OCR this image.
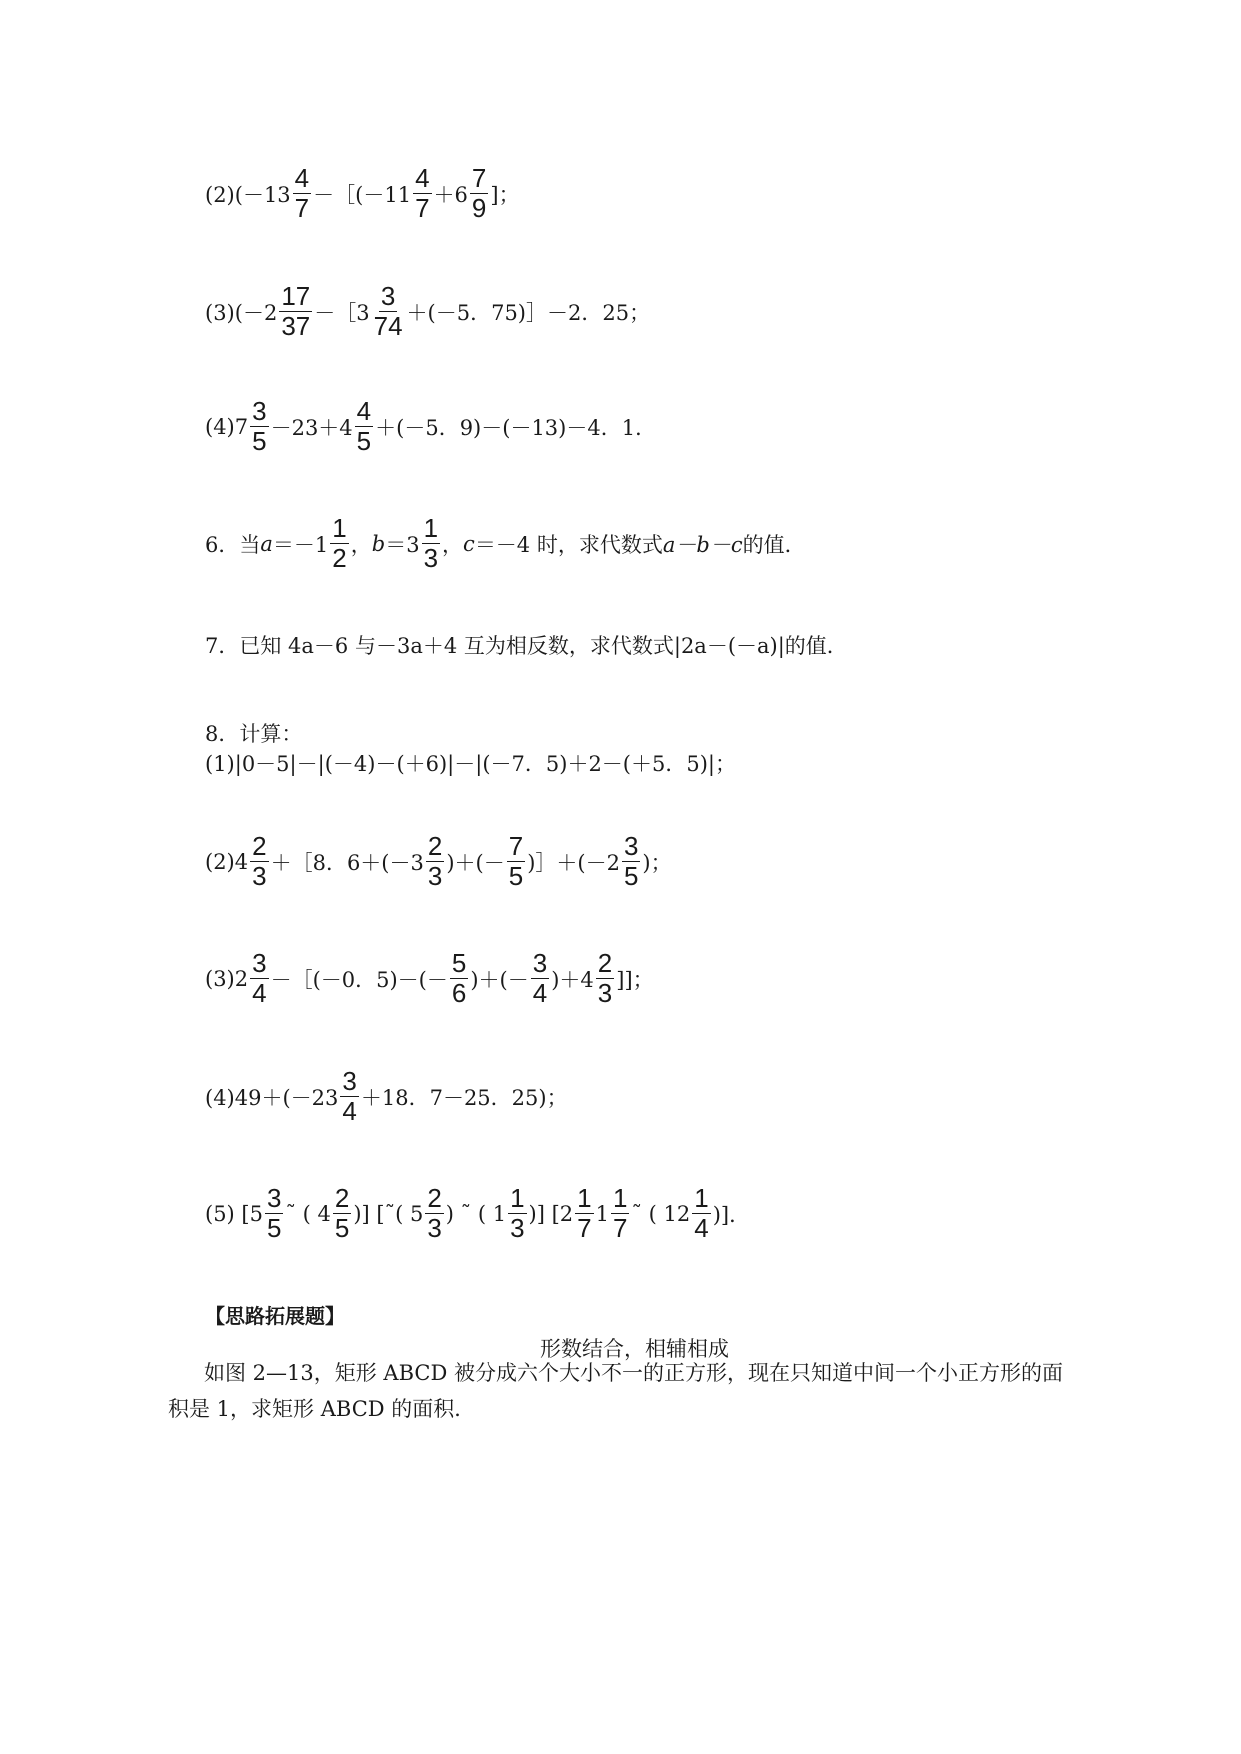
$(2)(-13 \frac{4}{7}$ －［(－11 $\frac{4}{7} +6 \frac{7}{9}$ ]；
$(3)(-2 \frac{17}{37}$ －［3 $\frac{3}{74} +(-5$．75)］－2．25；
$(4)7 \frac{3}{5} -23+4 \frac{4}{5} +(-5$．9)－(－13)－4．1．
6．当 $a =-1 \frac{1}{2}$ ， $b =3 \frac{1}{3}$ ， c ＝－4 时，求代数式 a－b－c 的值．
7．已知 4a－6 与－3a＋4 互为相反数，求代数式|2a－(－a)|的值．
8．计算：
(1)|0－5|－|(－4)－(＋6)|－|(－7．5)＋2－(＋5．5)|；
$(2)4 \frac{2}{3}$ ＋［8．$6+(-3 \frac{2}{3}$ )＋(－ $\frac{7}{5}$ )］＋(－2 $\frac{3}{5}$ )；
$(3)2 \frac{3}{4}$ －［(－0．$5)-(- \frac{5}{6}$ )＋(－ $\frac{3}{4} )+4 \frac{2}{3}$ ]]；
$(4)49+(-23 \frac{3}{4} +18$．7－25．25)；
(5) [$5 \frac{3}{5}$ ˜ ( $4 \frac{2}{5}$ )] [˜( $5 \frac{2}{3}$ ) ˜ ( $1 \frac{1}{3}$ )] [$2 \frac{1}{7} 1 \frac{1}{7}$ ˜ ( $12 \frac{1}{4}$ )]．
【思路拓展题】
形数结合，相辅相成
如图 2—13，矩形 ABCD 被分成六个大小不一的正方形，现在只知道中间一个小正方形的面积是 1，求矩形 ABCD 的面积．
